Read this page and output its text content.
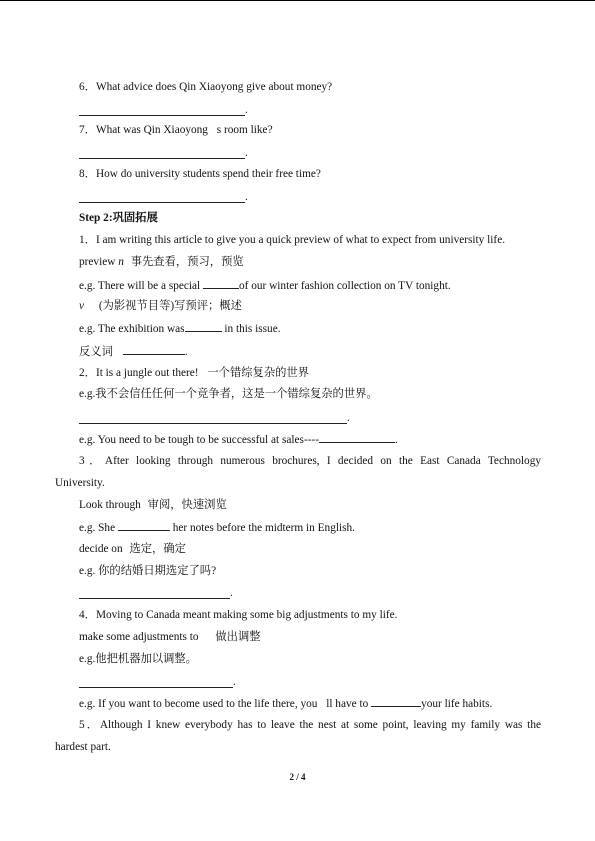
6．What advice does Qin Xiaoyong give about money?
.
7．What was Qin Xiaoyong s room like?
.
8．How do university students spend their free time?
.
Step 2:巩固拓展
1．I am writing this article to give you a quick preview of what to expect from university life.
preview n 事先查看，预习，预览
e.g. There will be a special	of our winter fashion collection on TV tonight.
v (为影视节目等)写预评；概述
e.g. The exhibition was	in this issue.
反义词	.
2．It is a jungle out there! 一个错综复杂的世界
e.g.我不会信任任何一个竞争者，这是一个错综复杂的世界。
.
e.g. You need to be tough to be successful at sales----	.
3．After looking through numerous brochures, I decided on the East Canada Technology
University.
Look through 审阅，快速浏览
e.g. She	her notes before the midterm in English.
decide on 选定，确定
e.g. 你的结婚日期选定了吗?
.
4．Moving to Canada meant making some big adjustments to my life.
make some adjustments to 做出调整
e.g.他把机器加以调整。
.
e.g. If you want to become used to the life there, you ll have to	your life habits.
5．Although I knew everybody has to leave the nest at some point, leaving my family was the
hardest part.
2 / 4
